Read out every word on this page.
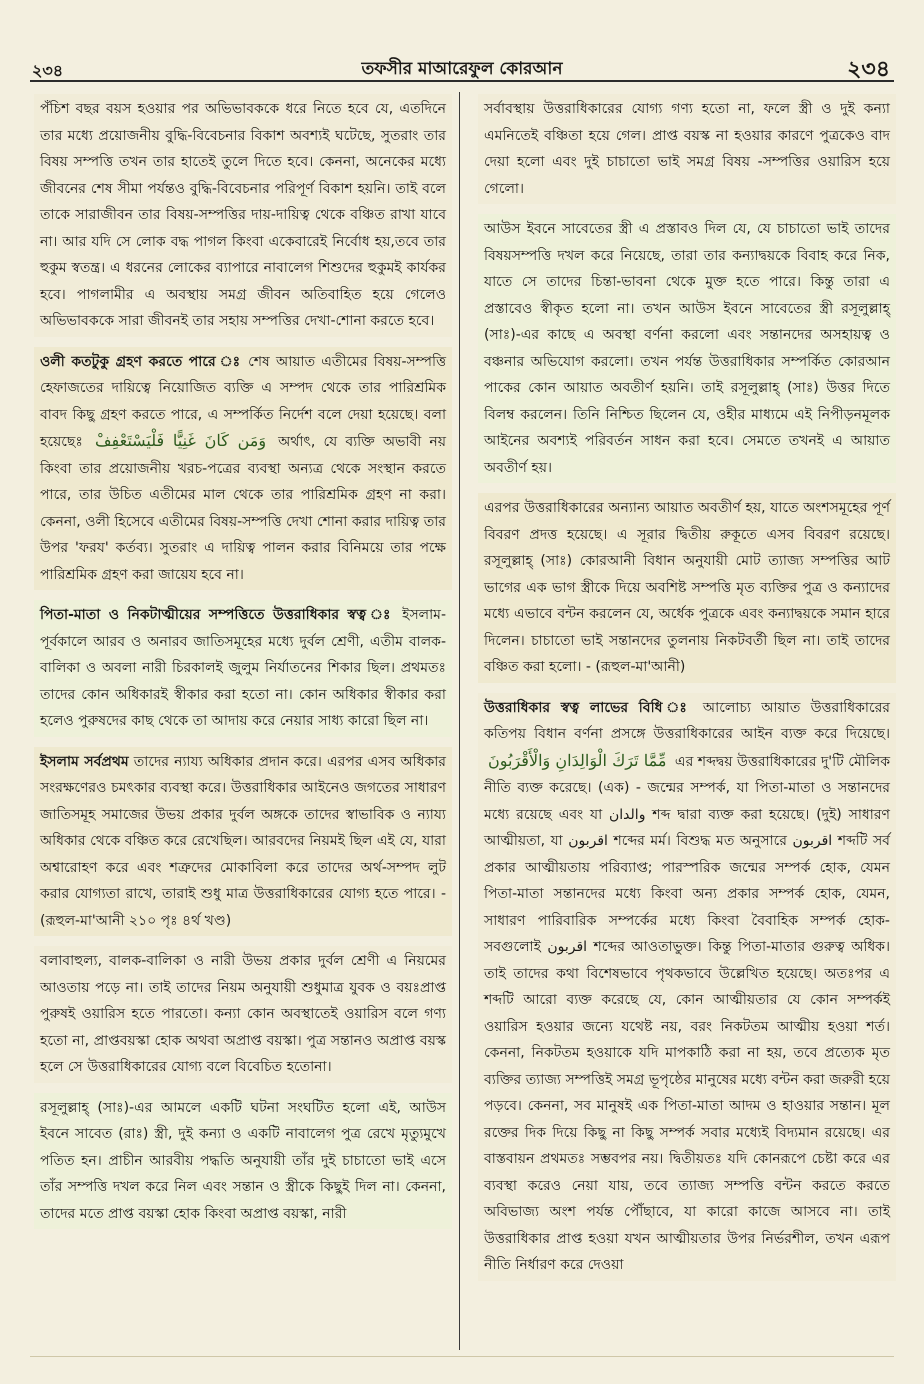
২৩৪	তফসীর মাআরেফুল কোরআন	২৩৪

পঁচিশ বছর বয়স হওয়ার পর অভিভাবককে ধরে নিতে হবে যে, এতদিনে তার মধ্যে প্রয়োজনীয় বুদ্ধি-বিবেচনার বিকাশ অবশ্যই ঘটেছে, সুতরাং তার বিষয় সম্পত্তি তখন তার হাতেই তুলে দিতে হবে। কেননা, অনেকের মধ্যে জীবনের শেষ সীমা পর্যন্তও বুদ্ধি-বিবেচনার পরিপূর্ণ বিকাশ হয়নি। তাই বলে তাকে সারাজীবন তার বিষয়-সম্পত্তির দায়-দায়িত্ব থেকে বঞ্চিত রাখা যাবে না। আর যদি সে লোক বদ্ধ পাগল কিংবা একেবারেই নির্বোধ হয়,তবে তার হুকুম স্বতন্ত্র। এ ধরনের লোকের ব্যাপারে নাবালেগ শিশুদের হুকুমই কার্যকর হবে। পাগলামীর এ অবস্থায় সমগ্র জীবন অতিবাহিত হয়ে গেলেও অভিভাবককে সারা জীবনই তার সহায় সম্পত্তির দেখা-শোনা করতে হবে।

ওলী কতটুকু গ্রহণ করতে পারে ঃ শেষ আয়াত এতীমের বিষয়-সম্পত্তি হেফাজতের দায়িত্বে নিয়োজিত ব্যক্তি এ সম্পদ থেকে তার পারিশ্রমিক বাবদ কিছু গ্রহণ করতে পারে, এ সম্পর্কিত নির্দেশ বলে দেয়া হয়েছে। বলা হয়েছেঃ وَمَن كَانَ غَنِيًّا فَلْيَسْتَعْفِفْ অর্থাৎ, যে ব্যক্তি অভাবী নয় কিংবা তার প্রয়োজনীয় খরচ-পত্রের ব্যবস্থা অন্যত্র থেকে সংস্থান করতে পারে, তার উচিত এতীমের মাল থেকে তার পারিশ্রমিক গ্রহণ না করা। কেননা, ওলী হিসেবে এতীমের বিষয়-সম্পত্তি দেখা শোনা করার দায়িত্ব তার উপর 'ফরয' কর্তব্য। সুতরাং এ দায়িত্ব পালন করার বিনিময়ে তার পক্ষে পারিশ্রমিক গ্রহণ করা জায়েয হবে না।

পিতা-মাতা ও নিকটাত্মীয়ের সম্পত্তিতে উত্তরাধিকার স্বত্ব ঃ ইসলাম-পূর্বকালে আরব ও অনারব জাতিসমূহের মধ্যে দুর্বল শ্রেণী, এতীম বালক-বালিকা ও অবলা নারী চিরকালই জুলুম নির্যাতনের শিকার ছিল। প্রথমতঃ তাদের কোন অধিকারই স্বীকার করা হতো না। কোন অধিকার স্বীকার করা হলেও পুরুষদের কাছ থেকে তা আদায় করে নেয়ার সাধ্য কারো ছিল না।

ইসলাম সর্বপ্রথম তাদের ন্যায্য অধিকার প্রদান করে। এরপর এসব অধিকার সংরক্ষণেরও চমৎকার ব্যবস্থা করে। উত্তরাধিকার আইনেও জগতের সাধারণ জাতিসমূহ সমাজের উভয় প্রকার দুর্বল অঙ্গকে তাদের স্বাভাবিক ও ন্যায্য অধিকার থেকে বঞ্চিত করে রেখেছিল। আরবদের নিয়মই ছিল এই যে, যারা অশ্বারোহণ করে এবং শত্রুদের মোকাবিলা করে তাদের অর্থ-সম্পদ লুট করার যোগ্যতা রাখে, তারাই শুধু মাত্র উত্তরাধিকারের যোগ্য হতে পারে। - (রূহুল-মা'আনী ২১০ পৃঃ ৪র্থ খণ্ড)

বলাবাহুল্য, বালক-বালিকা ও নারী উভয় প্রকার দুর্বল শ্রেণী এ নিয়মের আওতায় পড়ে না। তাই তাদের নিয়ম অনুযায়ী শুধুমাত্র যুবক ও বয়ঃপ্রাপ্ত পুরুষই ওয়ারিস হতে পারতো। কন্যা কোন অবস্থাতেই ওয়ারিস বলে গণ্য হতো না, প্রাপ্তবয়স্কা হোক অথবা অপ্রাপ্ত বয়স্কা। পুত্র সন্তানও অপ্রাপ্ত বয়স্ক হলে সে উত্তরাধিকারের যোগ্য বলে বিবেচিত হতোনা।

রসূলুল্লাহ্ (সাঃ)-এর আমলে একটি ঘটনা সংঘটিত হলো এই, আউস ইবনে সাবেত (রাঃ) স্ত্রী, দুই কন্যা ও একটি নাবালেগ পুত্র রেখে মৃত্যুমুখে পতিত হন। প্রাচীন আরবীয় পদ্ধতি অনুযায়ী তাঁর দুই চাচাতো ভাই এসে তাঁর সম্পত্তি দখল করে নিল এবং সন্তান ও স্ত্রীকে কিছুই দিল না। কেননা, তাদের মতে প্রাপ্ত বয়স্কা হোক কিংবা অপ্রাপ্ত বয়স্কা, নারী

সর্বাবস্থায় উত্তরাধিকারের যোগ্য গণ্য হতো না, ফলে স্ত্রী ও দুই কন্যা এমনিতেই বঞ্চিতা হয়ে গেল। প্রাপ্ত বয়স্ক না হওয়ার কারণে পুত্রকেও বাদ দেয়া হলো এবং দুই চাচাতো ভাই সমগ্র বিষয় -সম্পত্তির ওয়ারিস হয়ে গেলো।

আউস ইবনে সাবেতের স্ত্রী এ প্রস্তাবও দিল যে, যে চাচাতো ভাই তাদের বিষয়সম্পত্তি দখল করে নিয়েছে, তারা তার কন্যাদ্বয়কে বিবাহ করে নিক, যাতে সে তাদের চিন্তা-ভাবনা থেকে মুক্ত হতে পারে। কিন্তু তারা এ প্রস্তাবেও স্বীকৃত হলো না। তখন আউস ইবনে সাবেতের স্ত্রী রসূলুল্লাহ্ (সাঃ)-এর কাছে এ অবস্থা বর্ণনা করলো এবং সন্তানদের অসহায়ত্ব ও বঞ্চনার অভিযোগ করলো। তখন পর্যন্ত উত্তরাধিকার সম্পর্কিত কোরআন পাকের কোন আয়াত অবতীর্ণ হয়নি। তাই রসূলুল্লাহ্ (সাঃ) উত্তর দিতে বিলম্ব করলেন। তিনি নিশ্চিত ছিলেন যে, ওহীর মাধ্যমে এই নিপীড়নমূলক আইনের অবশ্যই পরিবর্তন সাধন করা হবে। সেমতে তখনই এ আয়াত অবতীর্ণ হয়।

এরপর উত্তরাধিকারের অন্যান্য আয়াত অবতীর্ণ হয়, যাতে অংশসমূহের পূর্ণ বিবরণ প্রদত্ত হয়েছে। এ সূরার দ্বিতীয় রুকূতে এসব বিবরণ রয়েছে। রসূলুল্লাহ্ (সাঃ) কোরআনী বিধান অনুযায়ী মোট ত্যাজ্য সম্পত্তির আট ভাগের এক ভাগ স্ত্রীকে দিয়ে অবশিষ্ট সম্পত্তি মৃত ব্যক্তির পুত্র ও কন্যাদের মধ্যে এভাবে বন্টন করলেন যে, অর্ধেক পুত্রকে এবং কন্যাদ্বয়কে সমান হারে দিলেন। চাচাতো ভাই সন্তানদের তুলনায় নিকটবর্তী ছিল না। তাই তাদের বঞ্চিত করা হলো। - (রূহুল-মা'আনী)

উত্তরাধিকার স্বত্ব লাভের বিধি ঃ আলোচ্য আয়াত উত্তরাধিকারের কতিপয় বিধান বর্ণনা প্রসঙ্গে উত্তরাধিকারের আইন ব্যক্ত করে দিয়েছে। مِّمَّا تَرَكَ الْوَالِدَانِ وَالْأَقْرَبُونَ এর শব্দদ্বয় উত্তরাধিকারের দু'টি মৌলিক নীতি ব্যক্ত করেছে। (এক) - জন্মের সম্পর্ক, যা পিতা-মাতা ও সন্তানদের মধ্যে রয়েছে এবং যা والدان শব্দ দ্বারা ব্যক্ত করা হয়েছে। (দুই) সাধারণ আত্মীয়তা, যা اقربون শব্দের মর্ম। বিশুদ্ধ মত অনুসারে اقربون শব্দটি সর্ব প্রকার আত্মীয়তায় পরিব্যাপ্ত; পারস্পরিক জন্মের সম্পর্ক হোক, যেমন পিতা-মাতা সন্তানদের মধ্যে কিংবা অন্য প্রকার সম্পর্ক হোক, যেমন, সাধারণ পারিবারিক সম্পর্কের মধ্যে কিংবা বৈবাহিক সম্পর্ক হোক- সবগুলোই اقربون শব্দের আওতাভুক্ত। কিন্তু পিতা-মাতার গুরুত্ব অধিক। তাই তাদের কথা বিশেষভাবে পৃথকভাবে উল্লেখিত হয়েছে। অতঃপর এ শব্দটি আরো ব্যক্ত করেছে যে, কোন আত্মীয়তার যে কোন সম্পর্কই ওয়ারিস হওয়ার জন্যে যথেষ্ট নয়, বরং নিকটতম আত্মীয় হওয়া শর্ত। কেননা, নিকটতম হওয়াকে যদি মাপকাঠি করা না হয়, তবে প্রত্যেক মৃত ব্যক্তির ত্যাজ্য সম্পত্তিই সমগ্র ভূপৃষ্ঠের মানুষের মধ্যে বন্টন করা জরুরী হয়ে পড়বে। কেননা, সব মানুষই এক পিতা-মাতা আদম ও হাওয়ার সন্তান। মূল রক্তের দিক দিয়ে কিছু না কিছু সম্পর্ক সবার মধ্যেই বিদ্যমান রয়েছে। এর বাস্তবায়ন প্রথমতঃ সম্ভবপর নয়। দ্বিতীয়তঃ যদি কোনরূপে চেষ্টা করে এর ব্যবস্থা করেও নেয়া যায়, তবে ত্যাজ্য সম্পত্তি বন্টন করতে করতে অবিভাজ্য অংশ পর্যন্ত পৌঁছাবে, যা কারো কাজে আসবে না। তাই উত্তরাধিকার প্রাপ্ত হওয়া যখন আত্মীয়তার উপর নির্ভরশীল, তখন এরূপ নীতি নির্ধারণ করে দেওয়া
